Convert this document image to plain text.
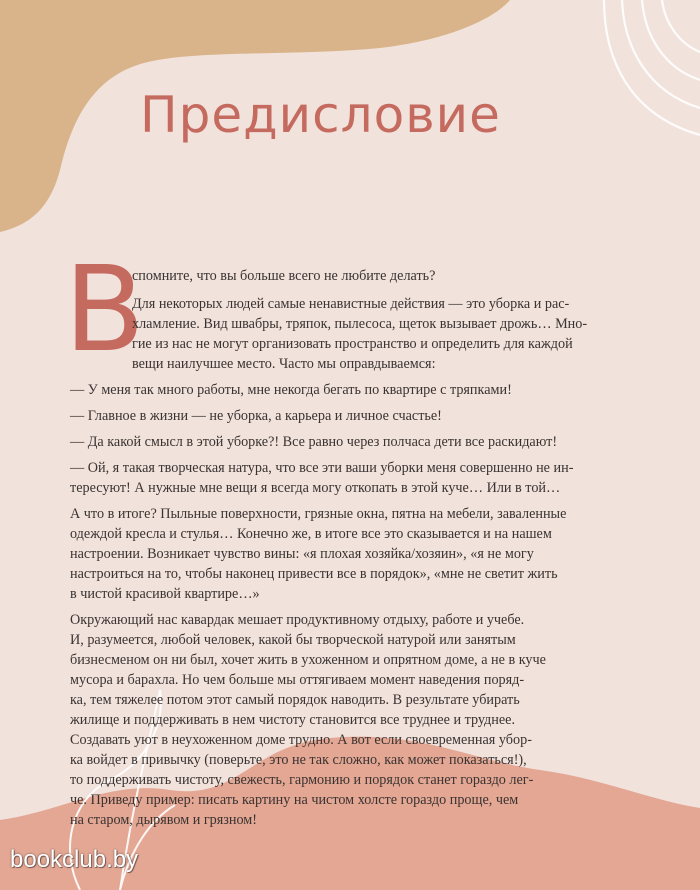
Предисловие
В
спомните, что вы больше всего не любите делать?
Для некоторых людей самые ненавистные действия — это уборка и рас-
хламление. Вид швабры, тряпок, пылесоса, щеток вызывает дрожь… Мно-
гие из нас не могут организовать пространство и определить для каждой
вещи наилучшее место. Часто мы оправдываемся:
— У меня так много работы, мне некогда бегать по квартире с тряпками!
— Главное в жизни — не уборка, а карьера и личное счастье!
— Да какой смысл в этой уборке?! Все равно через полчаса дети все раскидают!
— Ой, я такая творческая натура, что все эти ваши уборки меня совершенно не ин-
тересуют! А нужные мне вещи я всегда могу откопать в этой куче… Или в той…
А что в итоге? Пыльные поверхности, грязные окна, пятна на мебели, заваленные
одеждой кресла и стулья… Конечно же, в итоге все это сказывается и на нашем
настроении. Возникает чувство вины: «я плохая хозяйка/хозяин», «я не могу
настроиться на то, чтобы наконец привести все в порядок», «мне не светит жить
в чистой красивой квартире…»
Окружающий нас кавардак мешает продуктивному отдыху, работе и учебе.
И, разумеется, любой человек, какой бы творческой натурой или занятым
бизнесменом он ни был, хочет жить в ухоженном и опрятном доме, а не в куче
мусора и барахла. Но чем больше мы оттягиваем момент наведения поряд-
ка, тем тяжелее потом этот самый порядок наводить. В результате убирать
жилище и поддерживать в нем чистоту становится все труднее и труднее.
Создавать уют в неухоженном доме трудно. А вот если своевременная убор-
ка войдет в привычку (поверьте, это не так сложно, как может показаться!),
то поддерживать чистоту, свежесть, гармонию и порядок станет гораздо лег-
че. Приведу пример: писать картину на чистом холсте гораздо проще, чем
на старом, дырявом и грязном!
bookclub.by
